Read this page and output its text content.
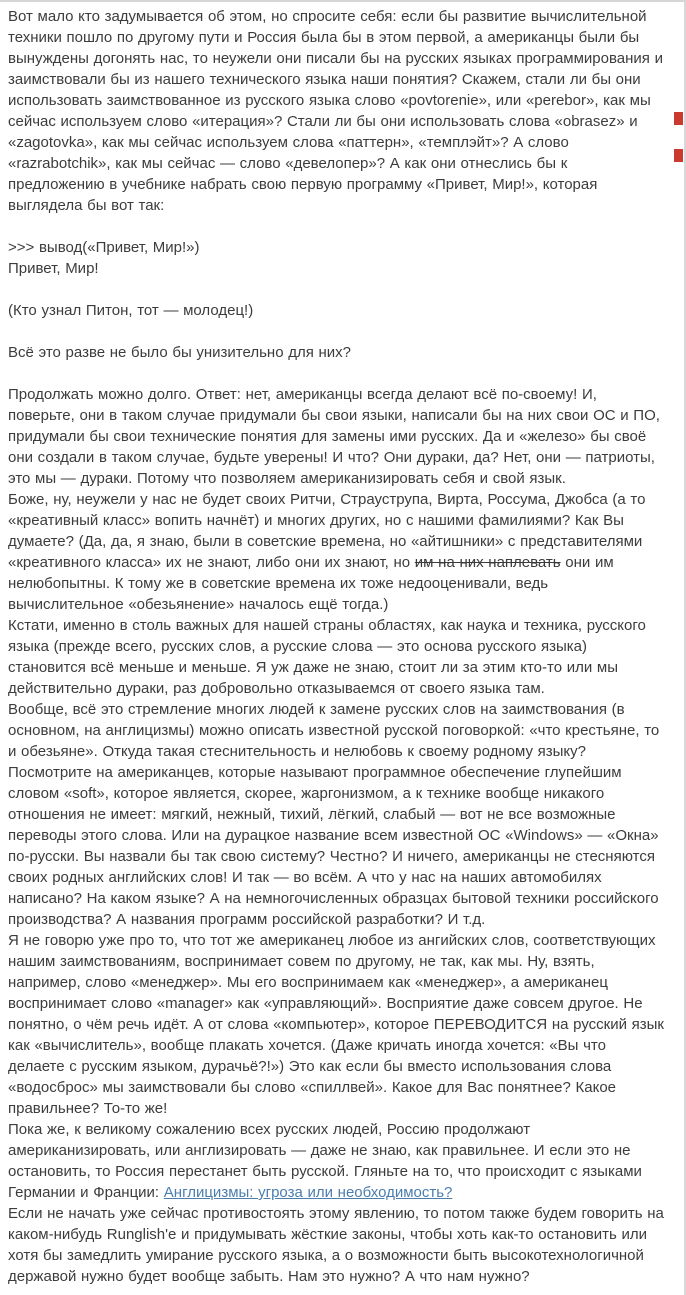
Вот мало кто задумывается об этом, но спросите себя: если бы развитие вычислительной техники пошло по другому пути и Россия была бы в этом первой, а американцы были бы вынуждены догонять нас, то неужели они писали бы на русских языках программирования и заимствовали бы из нашего технического языка наши понятия? Скажем, стали ли бы они использовать заимствованное из русского языка слово «povtorenie», или «perebor», как мы сейчас используем слово «итерация»? Стали ли бы они использовать слова «obrasez» и «zagotovka», как мы сейчас используем слова «паттерн», «темплэйт»? А слово «razrabotchik», как мы сейчас — слово «девелопер»? А как они отнеслись бы к предложению в учебнике набрать свою первую программу «Привет, Мир!», которая выглядела бы вот так:

>>> вывод(«Привет, Мир!»)

Привет, Мир!

(Кто узнал Питон, тот — молодец!)

Всё это разве не было бы унизительно для них?

Продолжать можно долго. Ответ: нет, американцы всегда делают всё по-своему! И, поверьте, они в таком случае придумали бы свои языки, написали бы на них свои ОС и ПО, придумали бы свои технические понятия для замены ими русских. Да и «железо» бы своё они создали в таком случае, будьте уверены! И что? Они дураки, да? Нет, они — патриоты, это мы — дураки. Потому что позволяем американизировать себя и свой язык.

Боже, ну, неужели у нас не будет своих Ритчи, Страуструпа, Вирта, Россума, Джобса (а то «креативный класс» вопить начнёт) и многих других, но с нашими фамилиями? Как Вы думаете? (Да, да, я знаю, были в советские времена, но «айтишники» с представителями «креативного класса» их не знают, либо они их знают, но им на них наплевать они им нелюбопытны. К тому же в советские времена их тоже недооценивали, ведь вычислительное «обезьянение» началось ещё тогда.)

Кстати, именно в столь важных для нашей страны областях, как наука и техника, русского языка (прежде всего, русских слов, а русские слова — это основа русского языка) становится всё меньше и меньше. Я уж даже не знаю, стоит ли за этим кто-то или мы действительно дураки, раз добровольно отказываемся от своего языка там.

Вообще, всё это стремление многих людей к замене русских слов на заимствования (в основном, на англицизмы) можно описать известной русской поговоркой: «что крестьяне, то и обезьяне». Откуда такая стеснительность и нелюбовь к своему родному языку? Посмотрите на американцев, которые называют программное обеспечение глупейшим словом «soft», которое является, скорее, жаргонизмом, а к технике вообще никакого отношения не имеет: мягкий, нежный, тихий, лёгкий, слабый — вот не все возможные переводы этого слова. Или на дурацкое название всем известной ОС «Windows» — «Окна» по-русски. Вы назвали бы так свою систему? Честно? И ничего, американцы не стесняются своих родных английских слов! И так — во всём. А что у нас на наших автомобилях написано? На каком языке? А на немногочисленных образцах бытовой техники российского производства? А названия программ российской разработки? И т.д.

Я не говорю уже про то, что тот же американец любое из ангийских слов, соответствующих нашим заимствованиям, воспринимает совем по другому, не так, как мы. Ну, взять, например, слово «менеджер». Мы его воспринимаем как «менеджер», а американец воспринимает слово «manager» как «управляющий». Восприятие даже совсем другое. Не понятно, о чём речь идёт. А от слова «компьютер», которое ПЕРЕВОДИТСЯ на русский язык как «вычислитель», вообще плакать хочется. (Даже кричать иногда хочется: «Вы что делаете с русским языком, дурачьё?!») Это как если бы вместо использования слова «водосброс» мы заимствовали бы слово «спиллвей». Какое для Вас понятнее? Какое правильнее? То-то же!

Пока же, к великому сожалению всех русских людей, Россию продолжают американизировать, или англизировать — даже не знаю, как правильнее. И если это не остановить, то Россия перестанет быть русской. Гляньте на то, что происходит с языками Германии и Франции: Англицизмы: угроза или необходимость?

Если не начать уже сейчас противостоять этому явлению, то потом также будем говорить на каком-нибудь Runglish'е и придумывать жёсткие законы, чтобы хоть как-то остановить или хотя бы замедлить умирание русского языка, а о возможности быть высокотехнологичной державой нужно будет вообще забыть. Нам это нужно? А что нам нужно?
